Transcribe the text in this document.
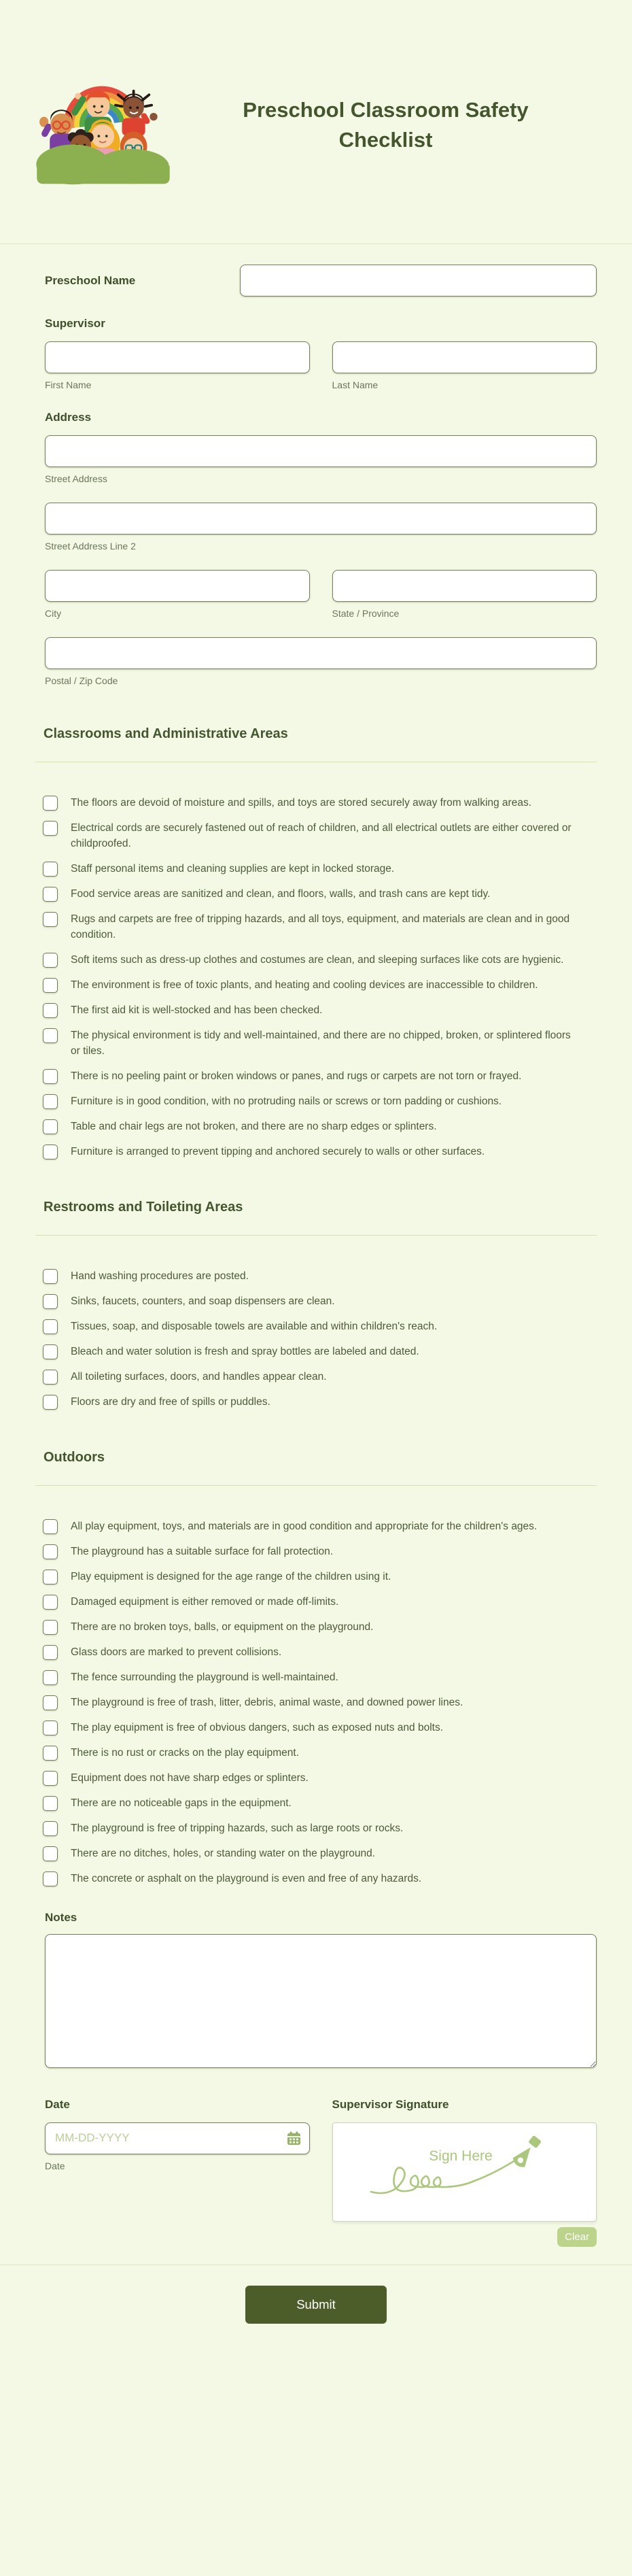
Preschool Classroom Safety
Checklist
Preschool Name
Supervisor
First Name	Last Name
Address
Street Address
Street Address Line 2
City	State / Province
Postal / Zip Code
Classrooms and Administrative Areas
The floors are devoid of moisture and spills, and toys are stored securely away from walking areas.
Electrical cords are securely fastened out of reach of children, and all electrical outlets are either covered or childproofed.
Staff personal items and cleaning supplies are kept in locked storage.
Food service areas are sanitized and clean, and floors, walls, and trash cans are kept tidy.
Rugs and carpets are free of tripping hazards, and all toys, equipment, and materials are clean and in good condition.
Soft items such as dress-up clothes and costumes are clean, and sleeping surfaces like cots are hygienic.
The environment is free of toxic plants, and heating and cooling devices are inaccessible to children.
The first aid kit is well-stocked and has been checked.
The physical environment is tidy and well-maintained, and there are no chipped, broken, or splintered floors or tiles.
There is no peeling paint or broken windows or panes, and rugs or carpets are not torn or frayed.
Furniture is in good condition, with no protruding nails or screws or torn padding or cushions.
Table and chair legs are not broken, and there are no sharp edges or splinters.
Furniture is arranged to prevent tipping and anchored securely to walls or other surfaces.
Restrooms and Toileting Areas
Hand washing procedures are posted.
Sinks, faucets, counters, and soap dispensers are clean.
Tissues, soap, and disposable towels are available and within children's reach.
Bleach and water solution is fresh and spray bottles are labeled and dated.
All toileting surfaces, doors, and handles appear clean.
Floors are dry and free of spills or puddles.
Outdoors
All play equipment, toys, and materials are in good condition and appropriate for the children's ages.
The playground has a suitable surface for fall protection.
Play equipment is designed for the age range of the children using it.
Damaged equipment is either removed or made off-limits.
There are no broken toys, balls, or equipment on the playground.
Glass doors are marked to prevent collisions.
The fence surrounding the playground is well-maintained.
The playground is free of trash, litter, debris, animal waste, and downed power lines.
The play equipment is free of obvious dangers, such as exposed nuts and bolts.
There is no rust or cracks on the play equipment.
Equipment does not have sharp edges or splinters.
There are no noticeable gaps in the equipment.
The playground is free of tripping hazards, such as large roots or rocks.
There are no ditches, holes, or standing water on the playground.
The concrete or asphalt on the playground is even and free of any hazards.
Notes
Date
MM-DD-YYYY
Date
Supervisor Signature
Sign Here
Clear
Submit
